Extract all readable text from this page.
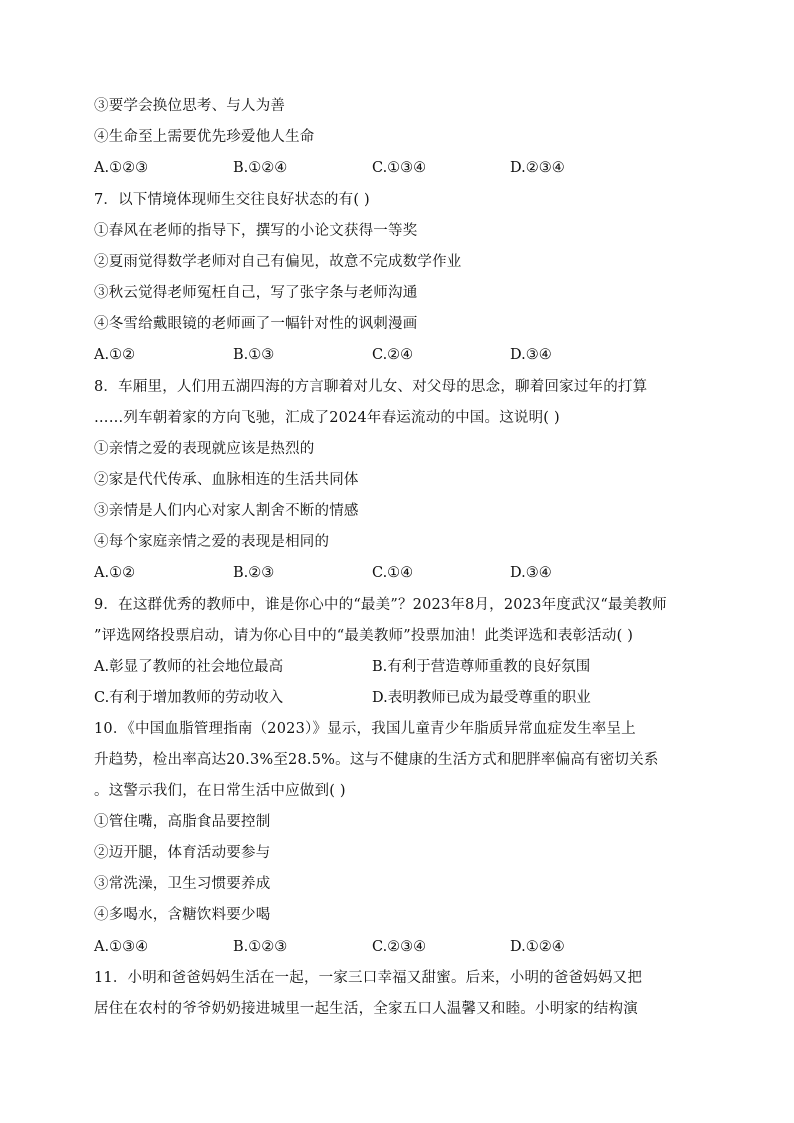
③要学会换位思考、与人为善
④生命至上需要优先珍爱他人生命
A.①②③	B.①②④	C.①③④	D.②③④
7．以下情境体现师生交往良好状态的有( )
①春风在老师的指导下，撰写的小论文获得一等奖
②夏雨觉得数学老师对自己有偏见，故意不完成数学作业
③秋云觉得老师冤枉自己，写了张字条与老师沟通
④冬雪给戴眼镜的老师画了一幅针对性的讽刺漫画
A.①②	B.①③	C.②④	D.③④
8．车厢里，人们用五湖四海的方言聊着对儿女、对父母的思念，聊着回家过年的打算
……列车朝着家的方向飞驰，汇成了2024年春运流动的中国。这说明( )
①亲情之爱的表现就应该是热烈的
②家是代代传承、血脉相连的生活共同体
③亲情是人们内心对家人割舍不断的情感
④每个家庭亲情之爱的表现是相同的
A.①②	B.②③	C.①④	D.③④
9．在这群优秀的教师中，谁是你心中的“最美”？2023年8月，2023年度武汉“最美教师
”评选网络投票启动，请为你心目中的“最美教师”投票加油！此类评选和表彰活动( )
A.彰显了教师的社会地位最高	B.有利于营造尊师重教的良好氛围
C.有利于增加教师的劳动收入	D.表明教师已成为最受尊重的职业
10．《中国血脂管理指南（2023）》显示，我国儿童青少年脂质异常血症发生率呈上
升趋势，检出率高达20.3%至28.5%。这与不健康的生活方式和肥胖率偏高有密切关系
。这警示我们，在日常生活中应做到( )
①管住嘴，高脂食品要控制
②迈开腿，体育活动要参与
③常洗澡，卫生习惯要养成
④多喝水，含糖饮料要少喝
A.①③④	B.①②③	C.②③④	D.①②④
11．小明和爸爸妈妈生活在一起，一家三口幸福又甜蜜。后来，小明的爸爸妈妈又把
居住在农村的爷爷奶奶接进城里一起生活，全家五口人温馨又和睦。小明家的结构演
